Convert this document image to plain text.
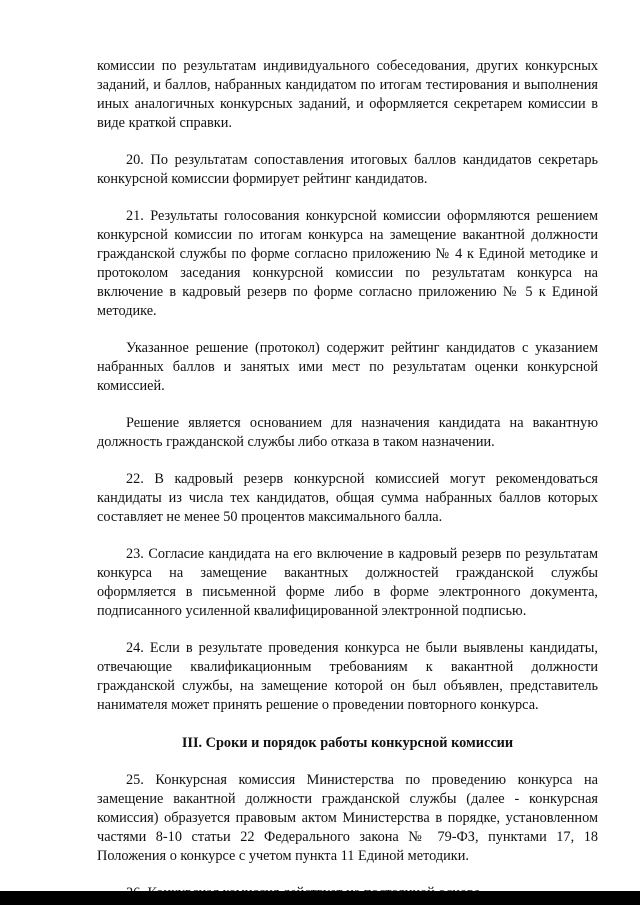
комиссии по результатам индивидуального собеседования, других конкурсных заданий, и баллов, набранных кандидатом по итогам тестирования и выполнения иных аналогичных конкурсных заданий, и оформляется секретарем комиссии в виде краткой справки.

20. По результатам сопоставления итоговых баллов кандидатов секретарь конкурсной комиссии формирует рейтинг кандидатов.

21. Результаты голосования конкурсной комиссии оформляются решением конкурсной комиссии по итогам конкурса на замещение вакантной должности гражданской службы по форме согласно приложению № 4 к Единой методике и протоколом заседания конкурсной комиссии по результатам конкурса на включение в кадровый резерв по форме согласно приложению № 5 к Единой методике.

Указанное решение (протокол) содержит рейтинг кандидатов с указанием набранных баллов и занятых ими мест по результатам оценки конкурсной комиссией.

Решение является основанием для назначения кандидата на вакантную должность гражданской службы либо отказа в таком назначении.

22. В кадровый резерв конкурсной комиссией могут рекомендоваться кандидаты из числа тех кандидатов, общая сумма набранных баллов которых составляет не менее 50 процентов максимального балла.

23. Согласие кандидата на его включение в кадровый резерв по результатам конкурса на замещение вакантных должностей гражданской службы оформляется в письменной форме либо в форме электронного документа, подписанного усиленной квалифицированной электронной подписью.

24. Если в результате проведения конкурса не были выявлены кандидаты, отвечающие квалификационным требованиям к вакантной должности гражданской службы, на замещение которой он был объявлен, представитель нанимателя может принять решение о проведении повторного конкурса.

III. Сроки и порядок работы конкурсной комиссии

25. Конкурсная комиссия Министерства по проведению конкурса на замещение вакантной должности гражданской службы (далее - конкурсная комиссия) образуется правовым актом Министерства в порядке, установленном частями 8-10 статьи 22 Федерального закона № 79-ФЗ, пунктами 17, 18 Положения о конкурсе с учетом пункта 11 Единой методики.
